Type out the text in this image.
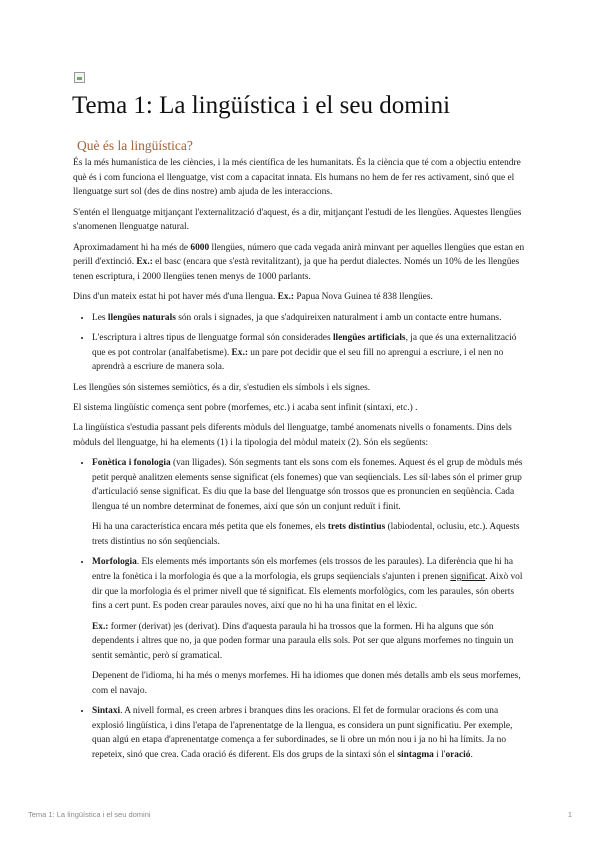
Tema 1: La lingüística i el seu domini
Què és la lingüística?

És la més humanística de les ciències, i la més científica de les humanitats. És la ciència que té com a objectiu entendre què és i com funciona el llenguatge, vist com a capacitat innata. Els humans no hem de fer res activament, sinó que el llenguatge surt sol (des de dins nostre) amb ajuda de les interaccions.

S'entén el llenguatge mitjançant l'externalització d'aquest, és a dir, mitjançant l'estudi de les llengües. Aquestes llengües s'anomenen llenguatge natural.

Aproximadament hi ha més de 6000 llengües, número que cada vegada anirà minvant per aquelles llengües que estan en perill d'extinció. Ex.: el basc (encara que s'està revitalitzant), ja que ha perdut dialectes. Només un 10% de les llengües tenen escriptura, i 2000 llengües tenen menys de 1000 parlants.

Dins d'un mateix estat hi pot haver més d'una llengua. Ex.: Papua Nova Guinea té 838 llengües.

• Les llengües naturals són orals i signades, ja que s'adquireixen naturalment i amb un contacte entre humans.
• L'escriptura i altres tipus de llenguatge formal són considerades llengües artificials, ja que és una externalització que es pot controlar (analfabetisme). Ex.: un pare pot decidir que el seu fill no aprengui a escriure, i el nen no aprendrà a escriure de manera sola.

Les llengües són sistemes semiòtics, és a dir, s'estudien els símbols i els signes.

El sistema lingüístic comença sent pobre (morfemes, etc.) i acaba sent infinit (sintaxi, etc.) .

La lingüística s'estudia passant pels diferents mòduls del llenguatge, també anomenats nivells o fonaments. Dins dels mòduls del llenguatge, hi ha elements (1) i la tipologia del mòdul mateix (2). Són els següents:

• Fonètica i fonologia (van lligades). Són segments tant els sons com els fonemes. Aquest és el grup de mòduls més petit perquè analitzen elements sense significat (els fonemes) que van seqüencials. Les síl·labes són el primer grup d'articulació sense significat. Es diu que la base del llenguatge són trossos que es pronuncien en seqüència. Cada llengua té un nombre determinat de fonemes, així que són un conjunt reduït i finit.

Hi ha una característica encara més petita que els fonemes, els trets distintius (labiodental, oclusiu, etc.). Aquests trets distintius no són seqüencials.

• Morfologia. Els elements més importants són els morfemes (els trossos de les paraules). La diferència que hi ha entre la fonètica i la morfologia és que a la morfologia, els grups seqüencials s'ajunten i prenen significat. Això vol dir que la morfologia és el primer nivell que té significat. Els elements morfològics, com les paraules, són oberts fins a cert punt. Es poden crear paraules noves, així que no hi ha una finitat en el lèxic.

Ex.: former (derivat) |es (derivat). Dins d'aquesta paraula hi ha trossos que la formen. Hi ha alguns que són dependents i altres que no, ja que poden formar una paraula ells sols. Pot ser que alguns morfemes no tinguin un sentit semàntic, però sí gramatical.

Depenent de l'idioma, hi ha més o menys morfemes. Hi ha idiomes que donen més detalls amb els seus morfemes, com el navajo.

• Sintaxi. A nivell formal, es creen arbres i branques dins les oracions. El fet de formular oracions és com una explosió lingüística, i dins l'etapa de l'aprenentatge de la llengua, es considera un punt significatiu. Per exemple, quan algú en etapa d'aprenentatge comença a fer subordinades, se li obre un món nou i ja no hi ha límits. Ja no repeteix, sinó que crea. Cada oració és diferent. Els dos grups de la sintaxi són el sintagma i l'oració.

Tema 1: La lingüística i el seu domini	1
